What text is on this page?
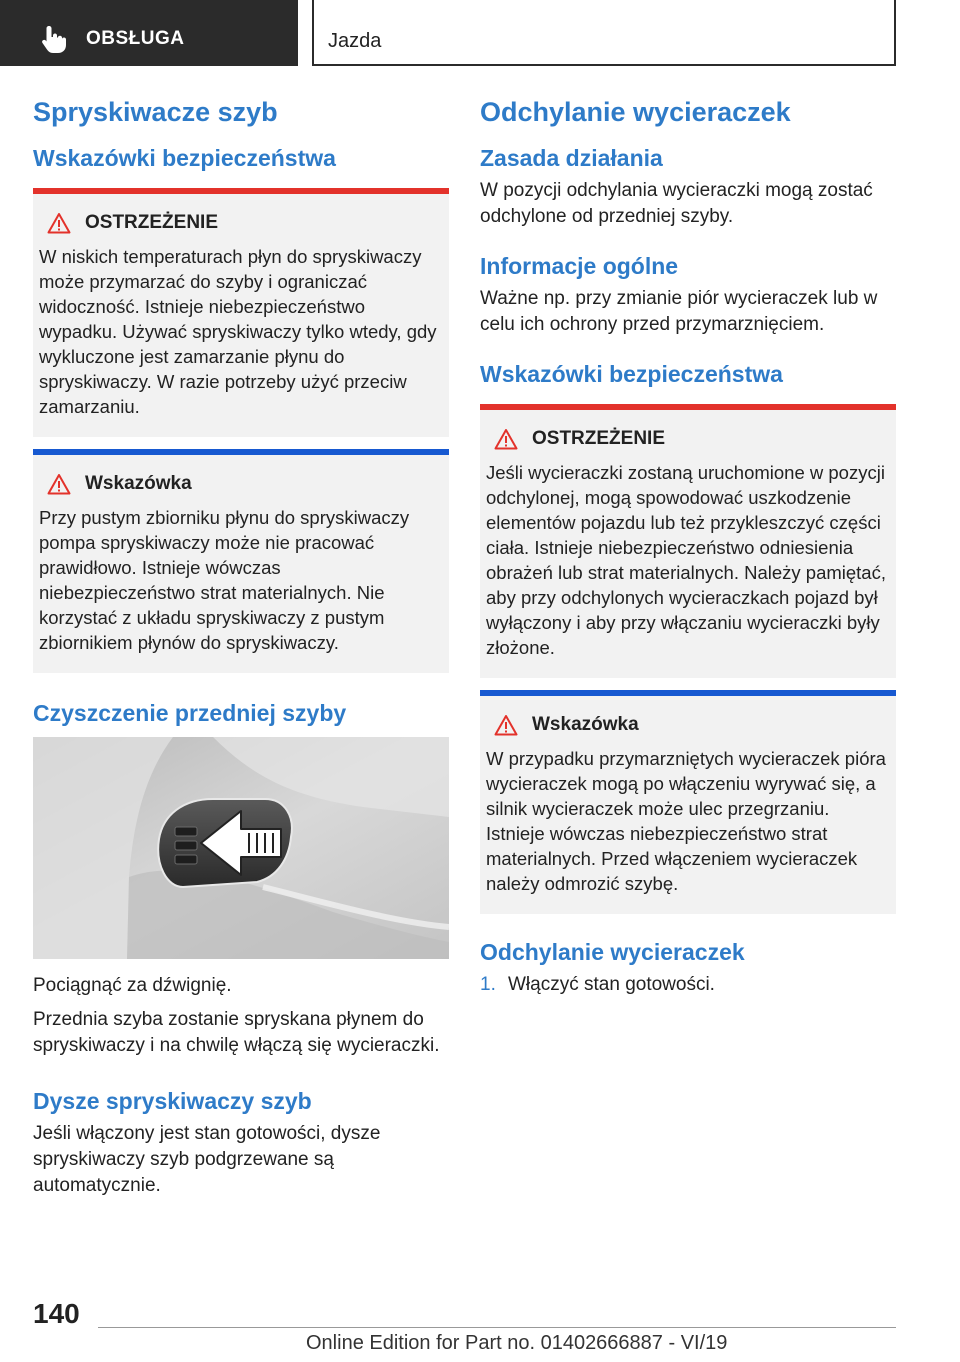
OBSŁUGA	Jazda
Spryskiwacze szyb
Wskazówki bezpieczeństwa
OSTRZEŻENIE

W niskich temperaturach płyn do spryskiwaczy może przymarzać do szyby i ograniczać widoczność. Istnieje niebezpieczeństwo wypadku. Używać spryskiwaczy tylko wtedy, gdy wykluczone jest zamarzanie płynu do spryskiwaczy. W razie potrzeby użyć przeciw zamarzaniu.

Wskazówka

Przy pustym zbiorniku płynu do spryskiwaczy pompa spryskiwaczy może nie pracować prawidłowo. Istnieje wówczas niebezpieczeństwo strat materialnych. Nie korzystać z układu spryskiwaczy z pustym zbiornikiem płynów do spryskiwaczy.

Czyszczenie przedniej szyby

Pociągnąć za dźwignię.

Przednia szyba zostanie spryskana płynem do spryskiwaczy i na chwilę włączą się wycieraczki.

Dysze spryskiwaczy szyb

Jeśli włączony jest stan gotowości, dysze spryskiwaczy szyb podgrzewane są automatycznie.

Odchylanie wycieraczek
Zasada działania

W pozycji odchylania wycieraczki mogą zostać odchylone od przedniej szyby.

Informacje ogólne

Ważne np. przy zmianie piór wycieraczek lub w celu ich ochrony przed przymarznięciem.

Wskazówki bezpieczeństwa
OSTRZEŻENIE

Jeśli wycieraczki zostaną uruchomione w pozycji odchylonej, mogą spowodować uszkodzenie elementów pojazdu lub też przykleszczyć części ciała. Istnieje niebezpieczeństwo odniesienia obrażeń lub strat materialnych. Należy pamiętać, aby przy odchylonych wycieraczkach pojazd był wyłączony i aby przy włączaniu wycieraczki były złożone.

Wskazówka

W przypadku przymarzniętych wycieraczek pióra wycieraczek mogą po włączeniu wyrywać się, a silnik wycieraczek może ulec przegrzaniu. Istnieje wówczas niebezpieczeństwo strat materialnych. Przed włączeniem wycieraczek należy odmrozić szybę.

Odchylanie wycieraczek
1. Włączyć stan gotowości.
140
Online Edition for Part no. 01402666887 - VI/19
